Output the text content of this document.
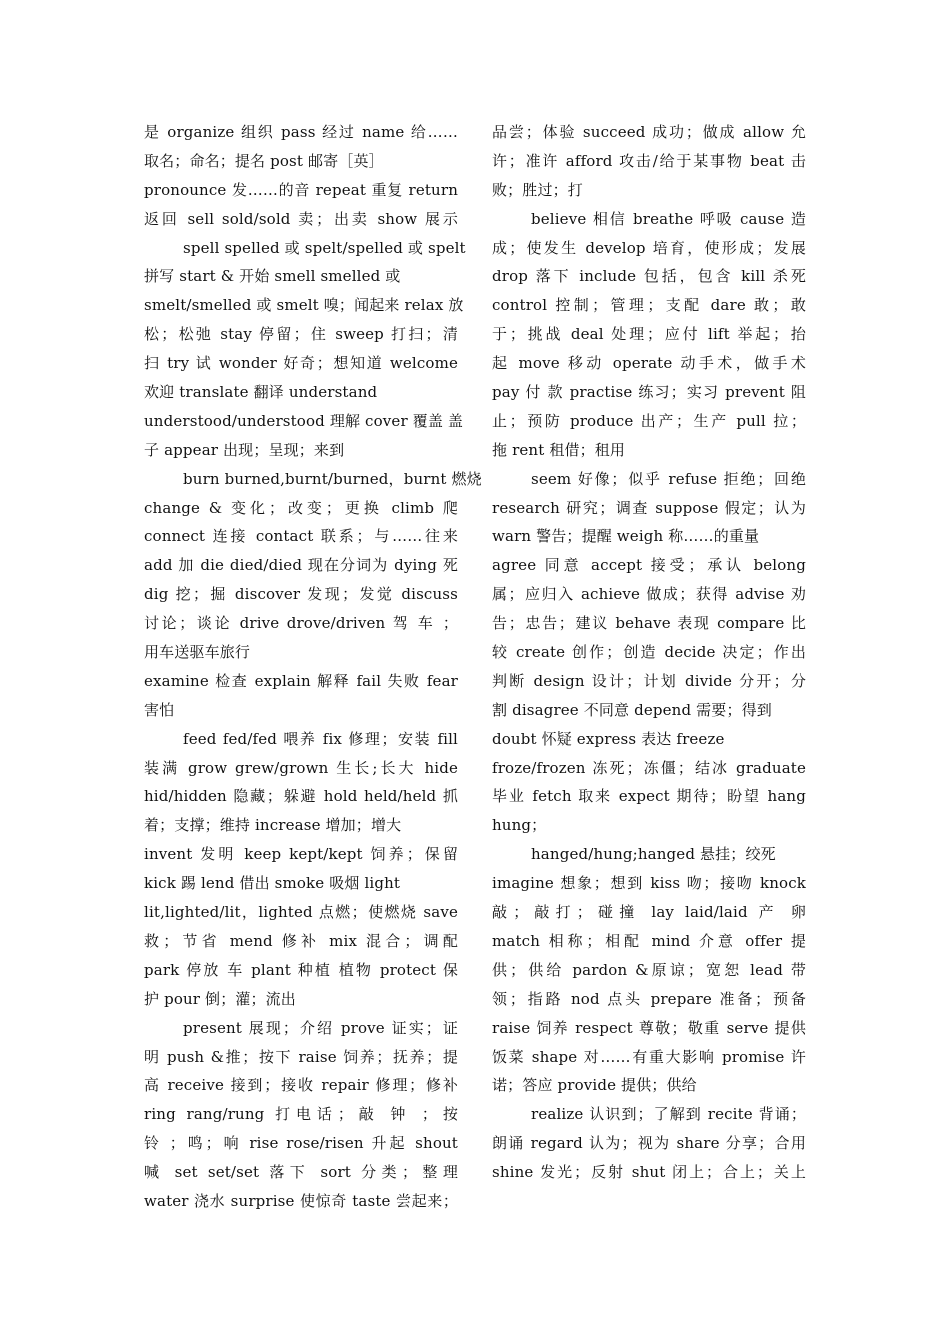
是 organize 组织 pass 经过 name 给……
取名；命名；提名 post 邮寄［英］
pronounce 发……的音 repeat 重复 return
返回 sell sold/sold 卖；出卖 show 展示
spell spelled 或 spelt/spelled 或 spelt
拼写 start & 开始 smell smelled 或
smelt/smelled 或 smelt 嗅；闻起来 relax 放
松；松弛 stay 停留；住 sweep 打扫；清
扫 try 试 wonder 好奇；想知道 welcome
欢迎 translate 翻译 understand
understood/understood 理解 cover 覆盖 盖
子 appear 出现；呈现；来到
burn burned,burnt/burned，burnt 燃烧
change & 变化；改变；更换 climb 爬
connect 连接 contact 联系；与……往来
add 加 die died/died 现在分词为 dying 死
dig 挖；掘 discover 发现；发觉 discuss
讨论；谈论 drive drove/driven 驾 车 ；
用车送驱车旅行
examine 检查 explain 解释 fail 失败 fear
害怕
feed fed/fed 喂养 fix 修理；安装 fill
装满 grow grew/grown 生长;长大 hide
hid/hidden 隐藏；躲避 hold held/held 抓
着；支撑；维持 increase 增加；增大
invent 发明 keep kept/kept 饲养；保留
kick 踢 lend 借出 smoke 吸烟 light
lit,lighted/lit，lighted 点燃；使燃烧 save
救；节省 mend 修补 mix 混合；调配
park 停放 车 plant 种植 植物 protect 保
护 pour 倒；灌；流出
present 展现；介绍 prove 证实；证
明 push &推；按下 raise 饲养；抚养；提
高 receive 接到；接收 repair 修理；修补
ring rang/rung 打电话；敲 钟 ；按
铃 ；鸣；响 rise rose/risen 升起 shout
喊 set set/set 落下 sort 分类；整理
water 浇水 surprise 使惊奇 taste 尝起来；
品尝；体验 succeed 成功；做成 allow 允
许；准许 afford 攻击/给于某事物 beat 击
败；胜过；打
believe 相信 breathe 呼吸 cause 造
成；使发生 develop 培育，使形成；发展
drop 落下 include 包括，包含 kill 杀死
control 控制；管理；支配 dare 敢；敢
于；挑战 deal 处理；应付 lift 举起；抬
起 move 移动 operate 动手术，做手术
pay 付 款 practise 练习；实习 prevent 阻
止；预防 produce 出产；生产 pull 拉；
拖 rent 租借；租用
seem 好像；似乎 refuse 拒绝；回绝
research 研究；调查 suppose 假定；认为
warn 警告；提醒 weigh 称……的重量
agree 同意 accept 接受；承认 belong
属；应归入 achieve 做成；获得 advise 劝
告；忠告；建议 behave 表现 compare 比
较 create 创作；创造 decide 决定；作出
判断 design 设计；计划 divide 分开；分
割 disagree 不同意 depend 需要；得到
doubt 怀疑 express 表达 freeze
froze/frozen 冻死；冻僵；结冰 graduate
毕业 fetch 取来 expect 期待；盼望 hang
hung；
hanged/hung;hanged 悬挂；绞死
imagine 想象；想到 kiss 吻；接吻 knock
敲；敲打；碰撞 lay laid/laid 产 卵
match 相称；相配 mind 介意 offer 提
供；供给 pardon &原谅；宽恕 lead 带
领；指路 nod 点头 prepare 准备；预备
raise 饲养 respect 尊敬；敬重 serve 提供
饭菜 shape 对……有重大影响 promise 许
诺；答应 provide 提供；供给
realize 认识到；了解到 recite 背诵；
朗诵 regard 认为；视为 share 分享；合用
shine 发光；反射 shut 闭上；合上；关上
